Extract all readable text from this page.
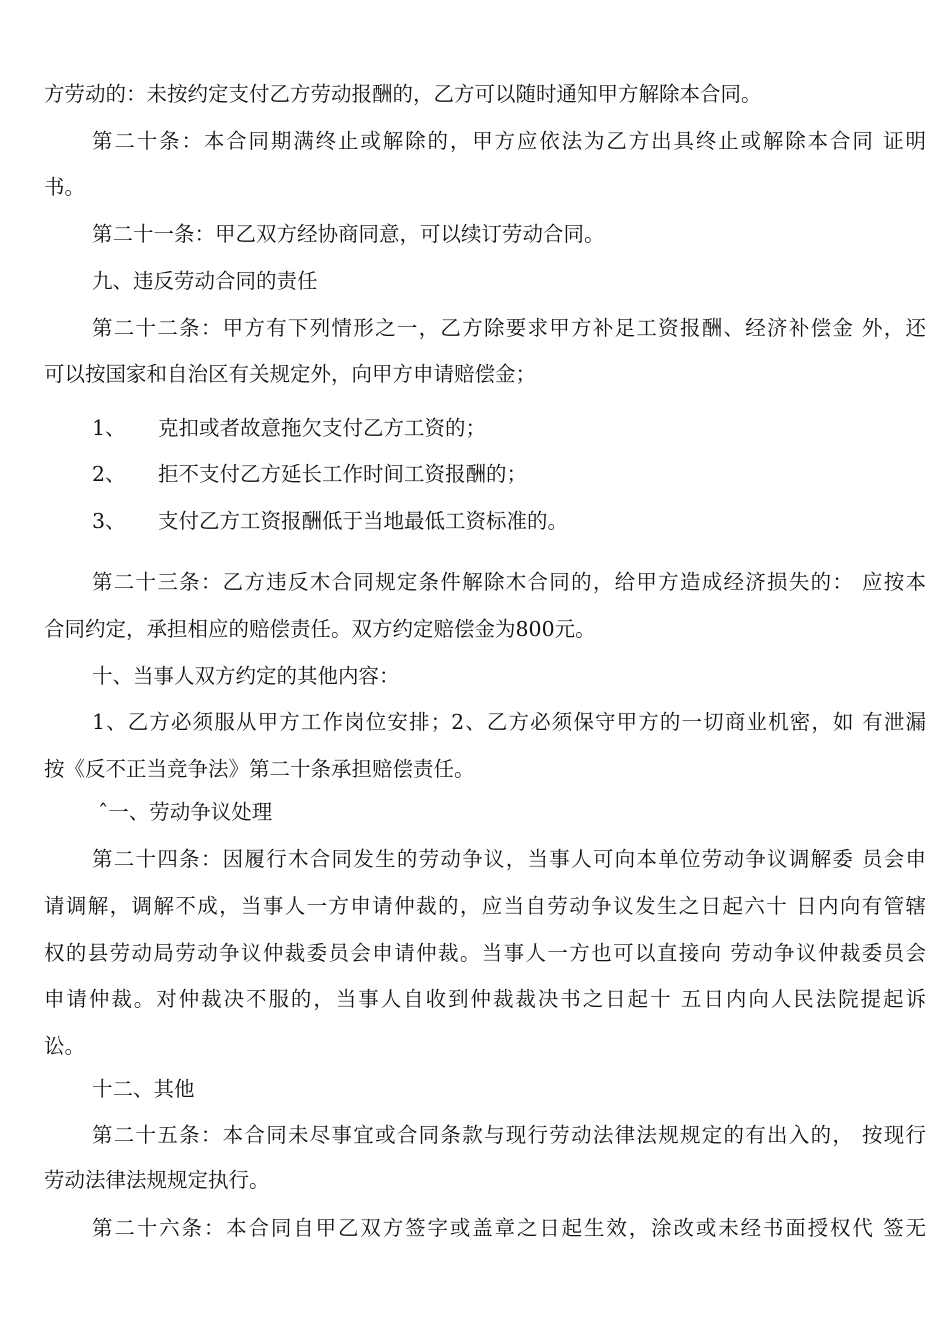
方劳动的：未按约定支付乙方劳动报酬的，乙方可以随时通知甲方解除本合同。
第二十条：本合同期满终止或解除的，甲方应依法为乙方出具终止或解除本合同 证明
书。
第二十一条：甲乙双方经协商同意，可以续订劳动合同。
九、违反劳动合同的责任
第二十二条：甲方有下列情形之一，乙方除要求甲方补足工资报酬、经济补偿金 外，还
可以按国家和自治区有关规定外，向甲方申请赔偿金；
1、 克扣或者故意拖欠支付乙方工资的；
2、 拒不支付乙方延长工作时间工资报酬的；
3、 支付乙方工资报酬低于当地最低工资标准的。
第二十三条：乙方违反木合同规定条件解除木合同的，给甲方造成经济损失的： 应按本
合同约定，承担相应的赔偿责任。双方约定赔偿金为800元。
十、当事人双方约定的其他内容：
1、乙方必须服从甲方工作岗位安排；2、乙方必须保守甲方的一切商业机密，如 有泄漏
按《反不正当竞争法》第二十条承担赔偿责任。
ˆ一、劳动争议处理
第二十四条：因履行木合同发生的劳动争议，当事人可向本单位劳动争议调解委 员会申
请调解，调解不成，当事人一方申请仲裁的，应当自劳动争议发生之日起六十 日内向有管辖
权的县劳动局劳动争议仲裁委员会申请仲裁。当事人一方也可以直接向 劳动争议仲裁委员会
申请仲裁。对仲裁决不服的，当事人自收到仲裁裁决书之日起十 五日内向人民法院提起诉
讼。
十二、其他
第二十五条：本合同未尽事宜或合同条款与现行劳动法律法规规定的有出入的， 按现行
劳动法律法规规定执行。
第二十六条：本合同自甲乙双方签字或盖章之日起生效，涂改或未经书面授权代 签无
